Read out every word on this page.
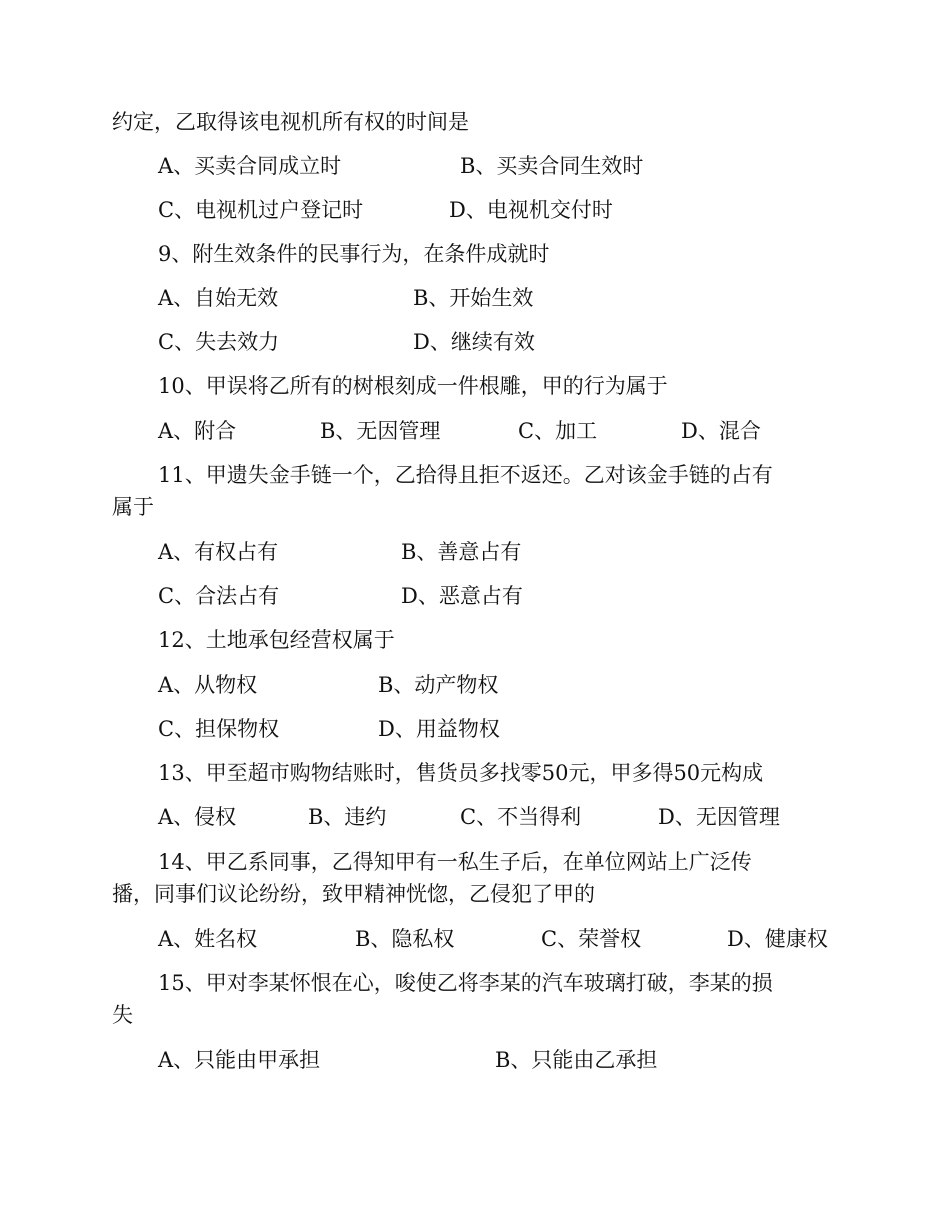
约定，乙取得该电视机所有权的时间是
A、买卖合同成立时	B、买卖合同生效时
C、电视机过户登记时	D、电视机交付时
9、附生效条件的民事行为，在条件成就时
A、自始无效	B、开始生效
C、失去效力	D、继续有效
10、甲误将乙所有的树根刻成一件根雕，甲的行为属于
A、附合	B、无因管理	C、加工	D、混合
11、甲遗失金手链一个，乙拾得且拒不返还。乙对该金手链的占有
属于
A、有权占有	B、善意占有
C、合法占有	D、恶意占有
12、土地承包经营权属于
A、从物权	B、动产物权
C、担保物权	D、用益物权
13、甲至超市购物结账时，售货员多找零50元，甲多得50元构成
A、侵权	B、违约	C、不当得利	D、无因管理
14、甲乙系同事，乙得知甲有一私生子后，在单位网站上广泛传
播，同事们议论纷纷，致甲精神恍惚，乙侵犯了甲的
A、姓名权	B、隐私权	C、荣誉权	D、健康权
15、甲对李某怀恨在心，唆使乙将李某的汽车玻璃打破，李某的损
失
A、只能由甲承担	B、只能由乙承担
